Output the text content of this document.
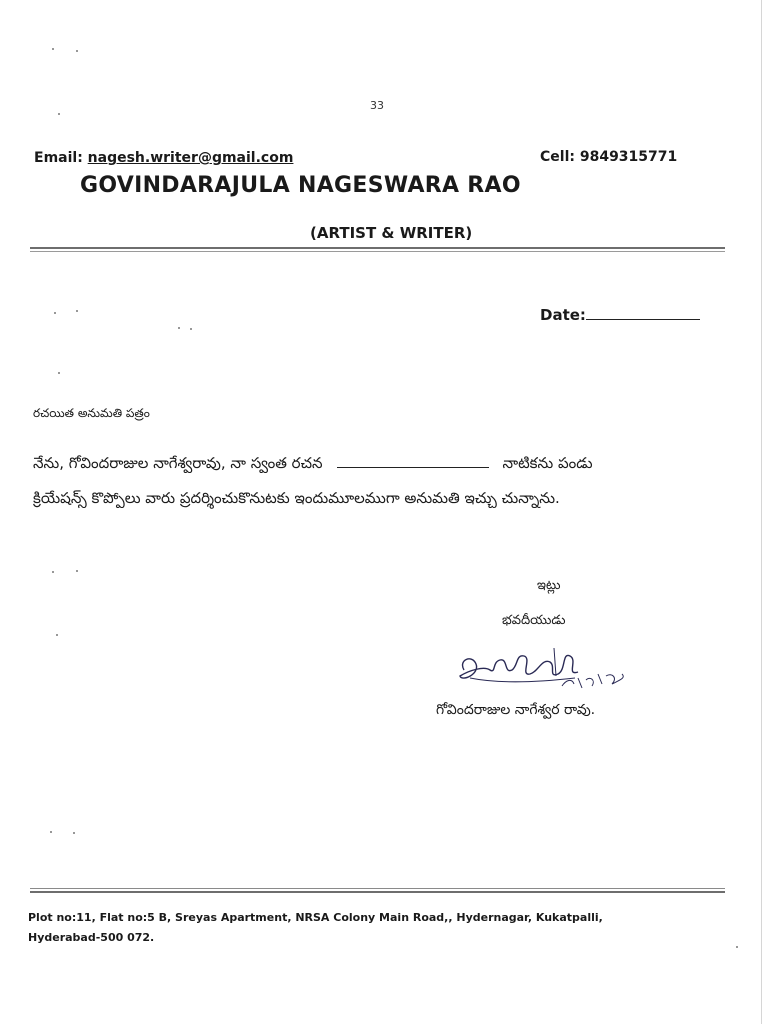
33
Email: nagesh.writer@gmail.com	Cell: 9849315771
GOVINDARAJULA NAGESWARA RAO
(ARTIST & WRITER)
Date:
రచయిత అనుమతి పత్రం
నేను, గోవిందరాజుల నాగేశ్వరావు, నా స్వంత రచన	నాటికను పండు
క్రియేషన్స్ కొప్పోలు వారు ప్రదర్శించుకొనుటకు ఇందుమూలముగా అనుమతి ఇచ్చు చున్నాను.
ఇట్లు
భవదీయుడు
గోవిందరాజుల నాగేశ్వర రావు.
Plot no:11, Flat no:5 B, Sreyas Apartment, NRSA Colony Main Road,, Hydernagar, Kukatpalli,
Hyderabad-500 072.
